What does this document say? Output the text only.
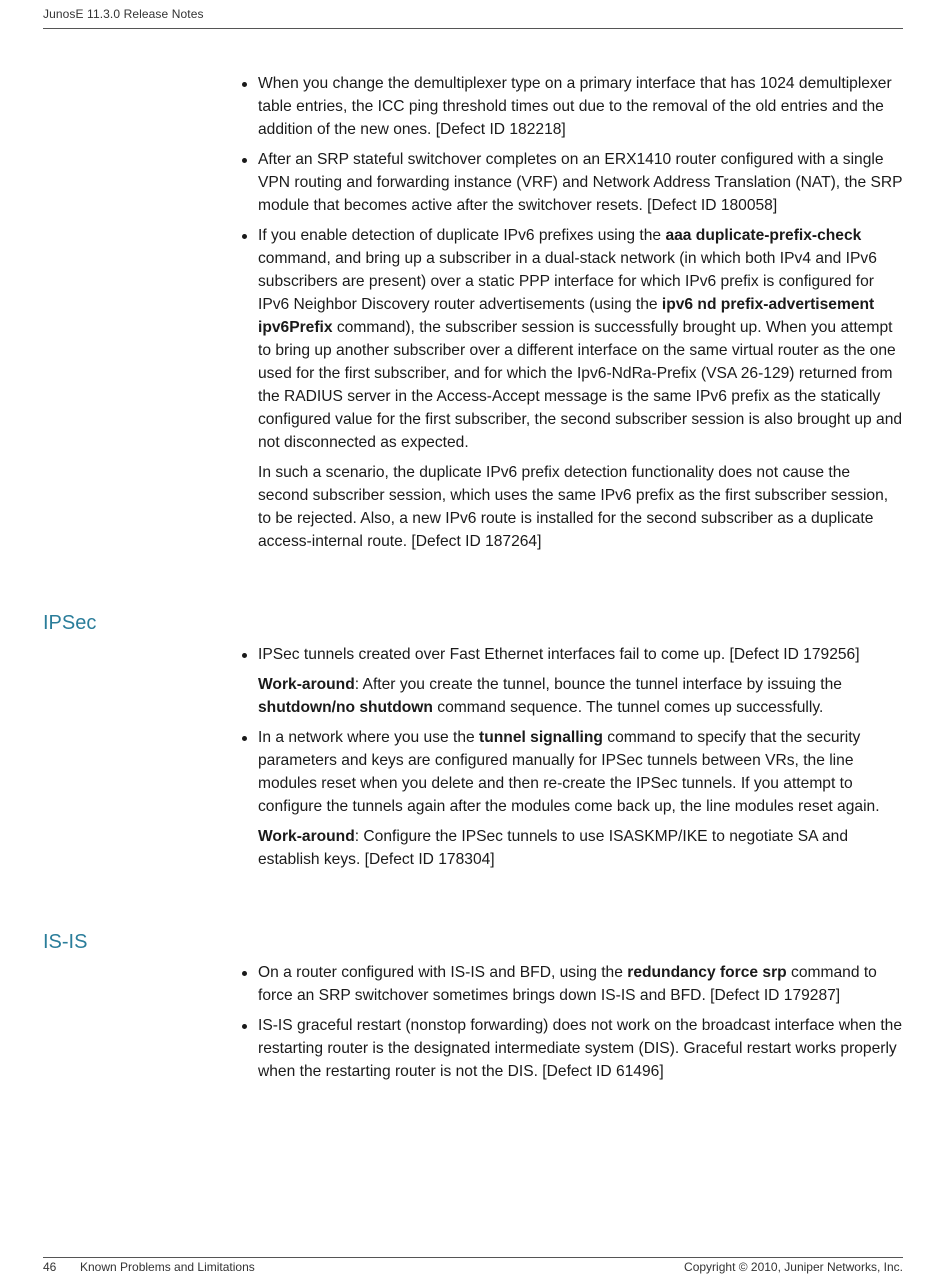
JunosE 11.3.0 Release Notes

When you change the demultiplexer type on a primary interface that has 1024 demultiplexer table entries, the ICC ping threshold times out due to the removal of the old entries and the addition of the new ones. [Defect ID 182218]

After an SRP stateful switchover completes on an ERX1410 router configured with a single VPN routing and forwarding instance (VRF) and Network Address Translation (NAT), the SRP module that becomes active after the switchover resets. [Defect ID 180058]

If you enable detection of duplicate IPv6 prefixes using the aaa duplicate-prefix-check command, and bring up a subscriber in a dual-stack network (in which both IPv4 and IPv6 subscribers are present) over a static PPP interface for which IPv6 prefix is configured for IPv6 Neighbor Discovery router advertisements (using the ipv6 nd prefix-advertisement ipv6Prefix command), the subscriber session is successfully brought up. When you attempt to bring up another subscriber over a different interface on the same virtual router as the one used for the first subscriber, and for which the Ipv6-NdRa-Prefix (VSA 26-129) returned from the RADIUS server in the Access-Accept message is the same IPv6 prefix as the statically configured value for the first subscriber, the second subscriber session is also brought up and not disconnected as expected.

In such a scenario, the duplicate IPv6 prefix detection functionality does not cause the second subscriber session, which uses the same IPv6 prefix as the first subscriber session, to be rejected. Also, a new IPv6 route is installed for the second subscriber as a duplicate access-internal route. [Defect ID 187264]
IPSec

IPSec tunnels created over Fast Ethernet interfaces fail to come up. [Defect ID 179256]

Work-around: After you create the tunnel, bounce the tunnel interface by issuing the shutdown/no shutdown command sequence. The tunnel comes up successfully.

In a network where you use the tunnel signalling command to specify that the security parameters and keys are configured manually for IPSec tunnels between VRs, the line modules reset when you delete and then re-create the IPSec tunnels. If you attempt to configure the tunnels again after the modules come back up, the line modules reset again.

Work-around: Configure the IPSec tunnels to use ISASKMP/IKE to negotiate SA and establish keys. [Defect ID 178304]
IS-IS

On a router configured with IS-IS and BFD, using the redundancy force srp command to force an SRP switchover sometimes brings down IS-IS and BFD. [Defect ID 179287]

IS-IS graceful restart (nonstop forwarding) does not work on the broadcast interface when the restarting router is the designated intermediate system (DIS). Graceful restart works properly when the restarting router is not the DIS. [Defect ID 61496]

46 Known Problems and Limitations	Copyright © 2010, Juniper Networks, Inc.
